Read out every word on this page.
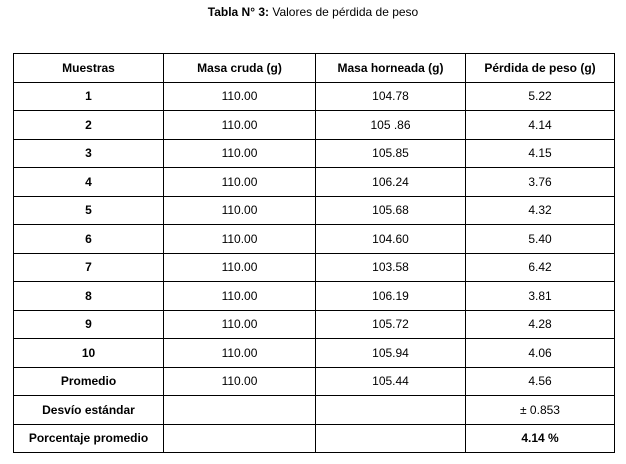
Tabla N° 3: Valores de pérdida de peso
Muestras	Masa cruda (g)	Masa horneada (g)	Pérdida de peso (g)
1	110.00	104.78	5.22
2	110.00	105 .86	4.14
3	110.00	105.85	4.15
4	110.00	106.24	3.76
5	110.00	105.68	4.32
6	110.00	104.60	5.40
7	110.00	103.58	6.42
8	110.00	106.19	3.81
9	110.00	105.72	4.28
10	110.00	105.94	4.06
Promedio	110.00	105.44	4.56
Desvío estándar			± 0.853
Porcentaje promedio			4.14 %
